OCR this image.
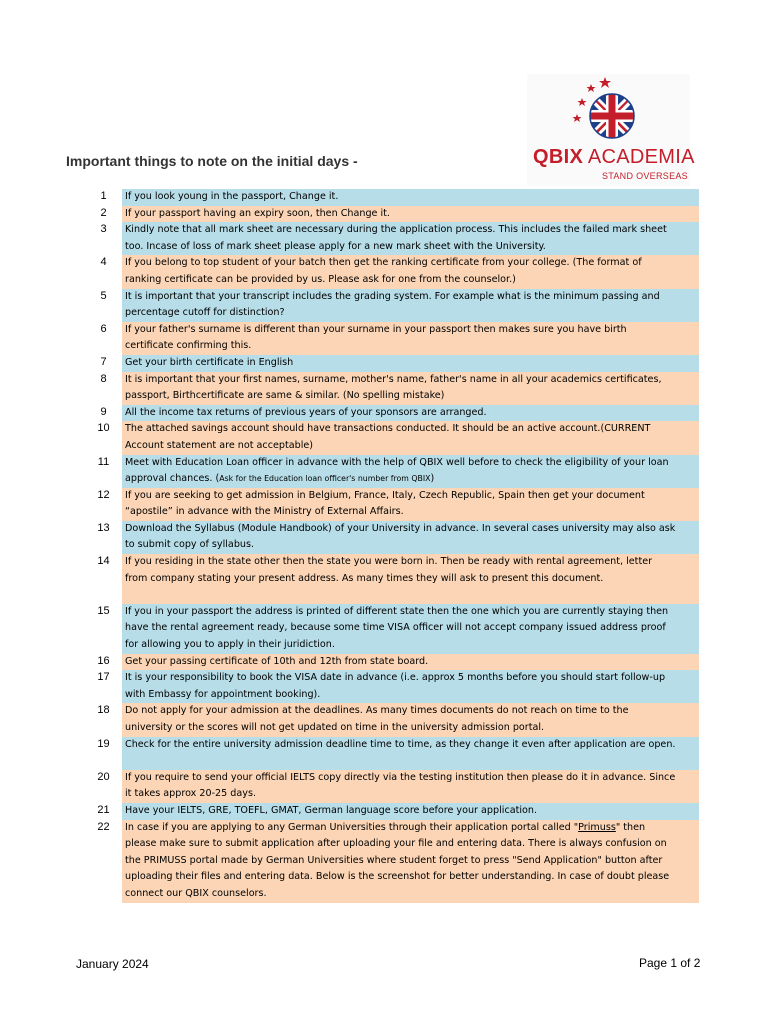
QBIX ACADEMIA
STAND OVERSEAS
Important things to note on the initial days -
1	If you look young in the passport, Change it.
2	If your passport having an expiry soon, then Change it.
3	Kindly note that all mark sheet are necessary during the application process. This includes the failed mark sheet
too. Incase of loss of mark sheet please apply for a new mark sheet with the University.
4	If you belong to top student of your batch then get the ranking certificate from your college. (The format of
ranking certificate can be provided by us. Please ask for one from the counselor.)
5	It is important that your transcript includes the grading system. For example what is the minimum passing and
percentage cutoff for distinction?
6	If your father's surname is different than your surname in your passport then makes sure you have birth
certificate confirming this.
7	Get your birth certificate in English
8	It is important that your first names, surname, mother's name, father's name in all your academics certificates,
passport, Birthcertificate are same & similar. (No spelling mistake)
9	All the income tax returns of previous years of your sponsors are arranged.
10	The attached savings account should have transactions conducted. It should be an active account.(CURRENT
Account statement are not acceptable)
11	Meet with Education Loan officer in advance with the help of QBIX well before to check the eligibility of your loan
approval chances. (Ask for the Education loan officer's number from QBIX)
12	If you are seeking to get admission in Belgium, France, Italy, Czech Republic, Spain then get your document
“apostile” in advance with the Ministry of External Affairs.
13	Download the Syllabus (Module Handbook) of your University in advance. In several cases university may also ask
to submit copy of syllabus.
14	If you residing in the state other then the state you were born in. Then be ready with rental agreement, letter
from company stating your present address. As many times they will ask to present this document.
15	If you in your passport the address is printed of different state then the one which you are currently staying then
have the rental agreement ready, because some time VISA officer will not accept company issued address proof
for allowing you to apply in their juridiction.
16	Get your passing certificate of 10th and 12th from state board.
17	It is your responsibility to book the VISA date in advance (i.e. approx 5 months before you should start follow-up
with Embassy for appointment booking).
18	Do not apply for your admission at the deadlines. As many times documents do not reach on time to the
university or the scores will not get updated on time in the university admission portal.
19	Check for the entire university admission deadline time to time, as they change it even after application are open.
20	If you require to send your official IELTS copy directly via the testing institution then please do it in advance. Since
it takes approx 20-25 days.
21	Have your IELTS, GRE, TOEFL, GMAT, German language score before your application.
22	In case if you are applying to any German Universities through their application portal called "Primuss" then
please make sure to submit application after uploading your file and entering data. There is always confusion on
the PRIMUSS portal made by German Universities where student forget to press "Send Application" button after
uploading their files and entering data. Below is the screenshot for better understanding. In case of doubt please
connect our QBIX counselors.
January 2024	Page 1 of 2
